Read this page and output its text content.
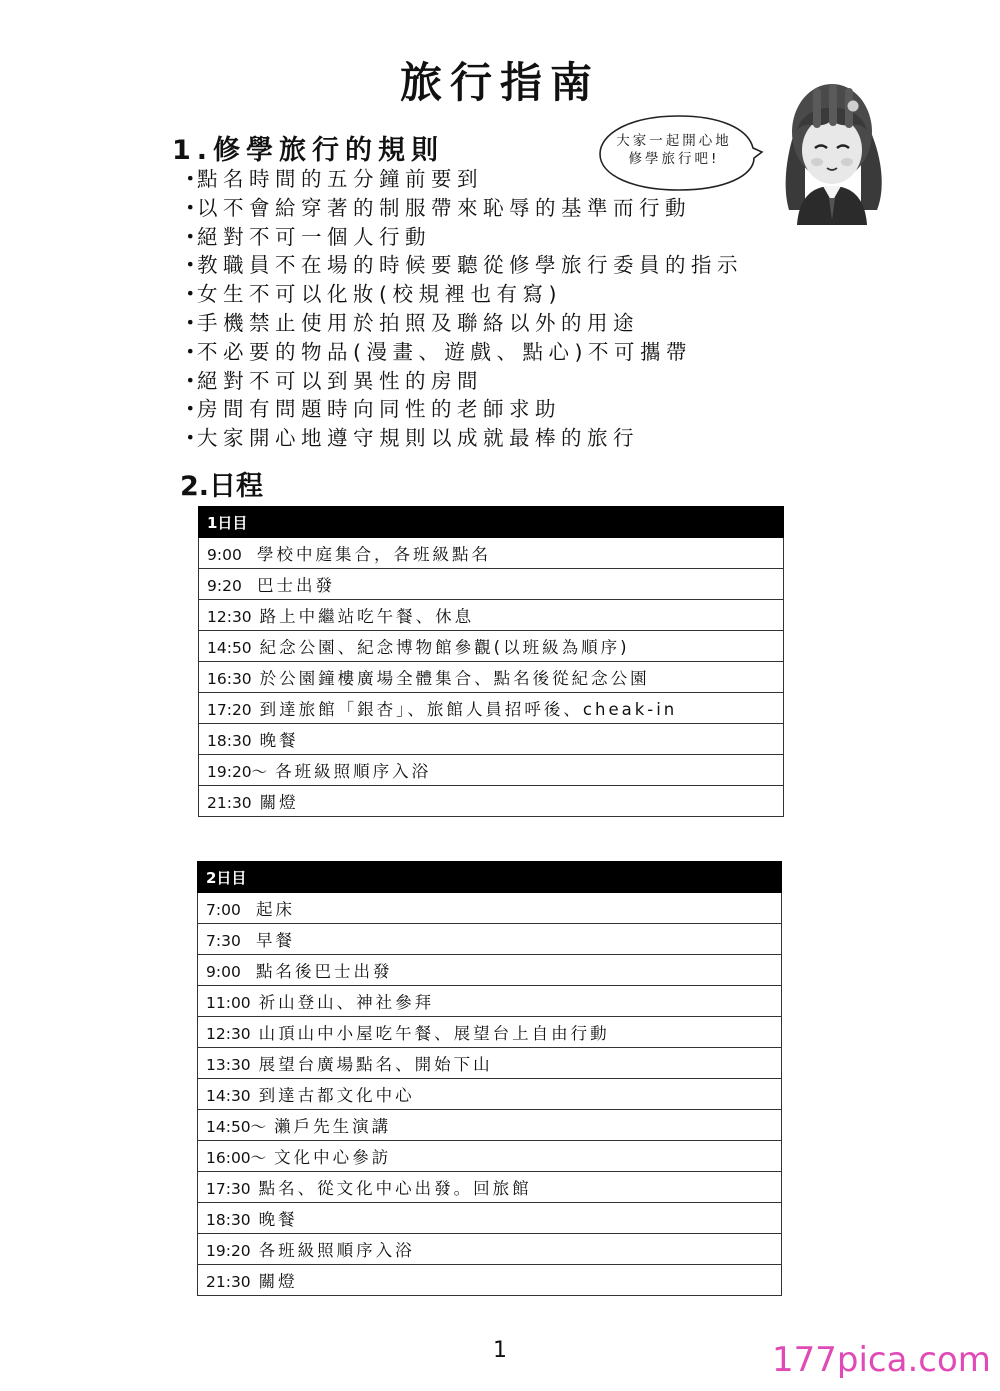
旅行指南
1.修學旅行的規則
・點名時間的五分鐘前要到
・以不會給穿著的制服帶來恥辱的基準而行動
・絕對不可一個人行動
・教職員不在場的時候要聽從修學旅行委員的指示
・女生不可以化妝(校規裡也有寫)
・手機禁止使用於拍照及聯絡以外的用途
・不必要的物品(漫畫、遊戲、點心)不可攜帶
・絕對不可以到異性的房間
・房間有問題時向同性的老師求助
・大家開心地遵守規則以成就最棒的旅行
大家一起開心地
修學旅行吧!
2.日程
1日目
9:00 學校中庭集合，各班級點名
9:20 巴士出發
12:30 路上中繼站吃午餐、休息
14:50 紀念公園、紀念博物館參觀(以班級為順序)
16:30 於公園鐘樓廣場全體集合、點名後從紀念公園
17:20 到達旅館「銀杏」、旅館人員招呼後、cheak-in
18:30 晚餐
19:20〜 各班級照順序入浴
21:30 關燈
2日目
7:00 起床
7:30 早餐
9:00 點名後巴士出發
11:00 祈山登山、神社參拜
12:30 山頂山中小屋吃午餐、展望台上自由行動
13:30 展望台廣場點名、開始下山
14:30 到達古都文化中心
14:50〜 瀨戶先生演講
16:00〜 文化中心參訪
17:30 點名、從文化中心出發。回旅館
18:30 晚餐
19:20 各班級照順序入浴
21:30 關燈
1	177pica.com
